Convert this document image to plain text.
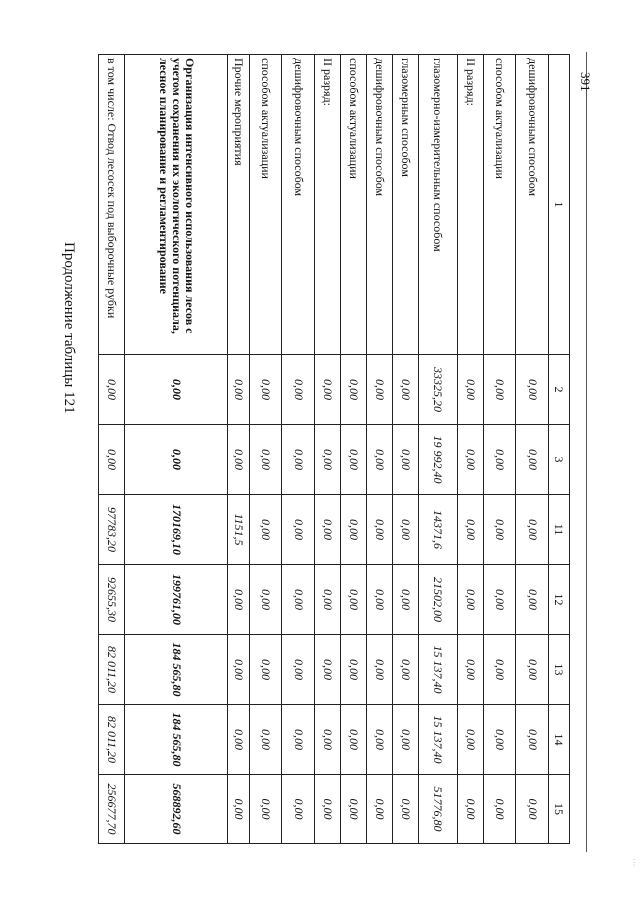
391
Продолжение таблицы 121
1	2	3	11	12	13	14	15
дешифровочным способом	0,00	0,00	0,00	0,00	0,00	0,00	0,00
способом актуализации	0,00	0,00	0,00	0,00	0,00	0,00	0,00
II разряд:	0,00	0,00	0,00	0,00	0,00	0,00	0,00
глазомерно-измерительным способом	33325,20	19 992,40	14371,6	21502,00	15 137,40	15 137,40	51776,80
глазомерным способом	0,00	0,00	0,00	0,00	0,00	0,00	0,00
дешифровочным способом	0,00	0,00	0,00	0,00	0,00	0,00	0,00
способом актуализации	0,00	0,00	0,00	0,00	0,00	0,00	0,00
II разряд:	0,00	0,00	0,00	0,00	0,00	0,00	0,00
дешифровочным способом	0,00	0,00	0,00	0,00	0,00	0,00	0,00
способом актуализации	0,00	0,00	0,00	0,00	0,00	0,00	0,00
Прочие мероприятия	0,00	0,00	1151,5	0,00	0,00	0,00	0,00
Организация интенсивного использования лесов с учетом сохранения их экологического потенциала, лесное планирование и регламентирование	0,00	0,00	170169,10	199761,00	184 565,80	184 565,80	568892,60
в том числе: Отвод лесосек под выборочные рубки	0,00	0,00	97783,20	92655,30	82 011,20	82 011,20	256677,70
⋮
